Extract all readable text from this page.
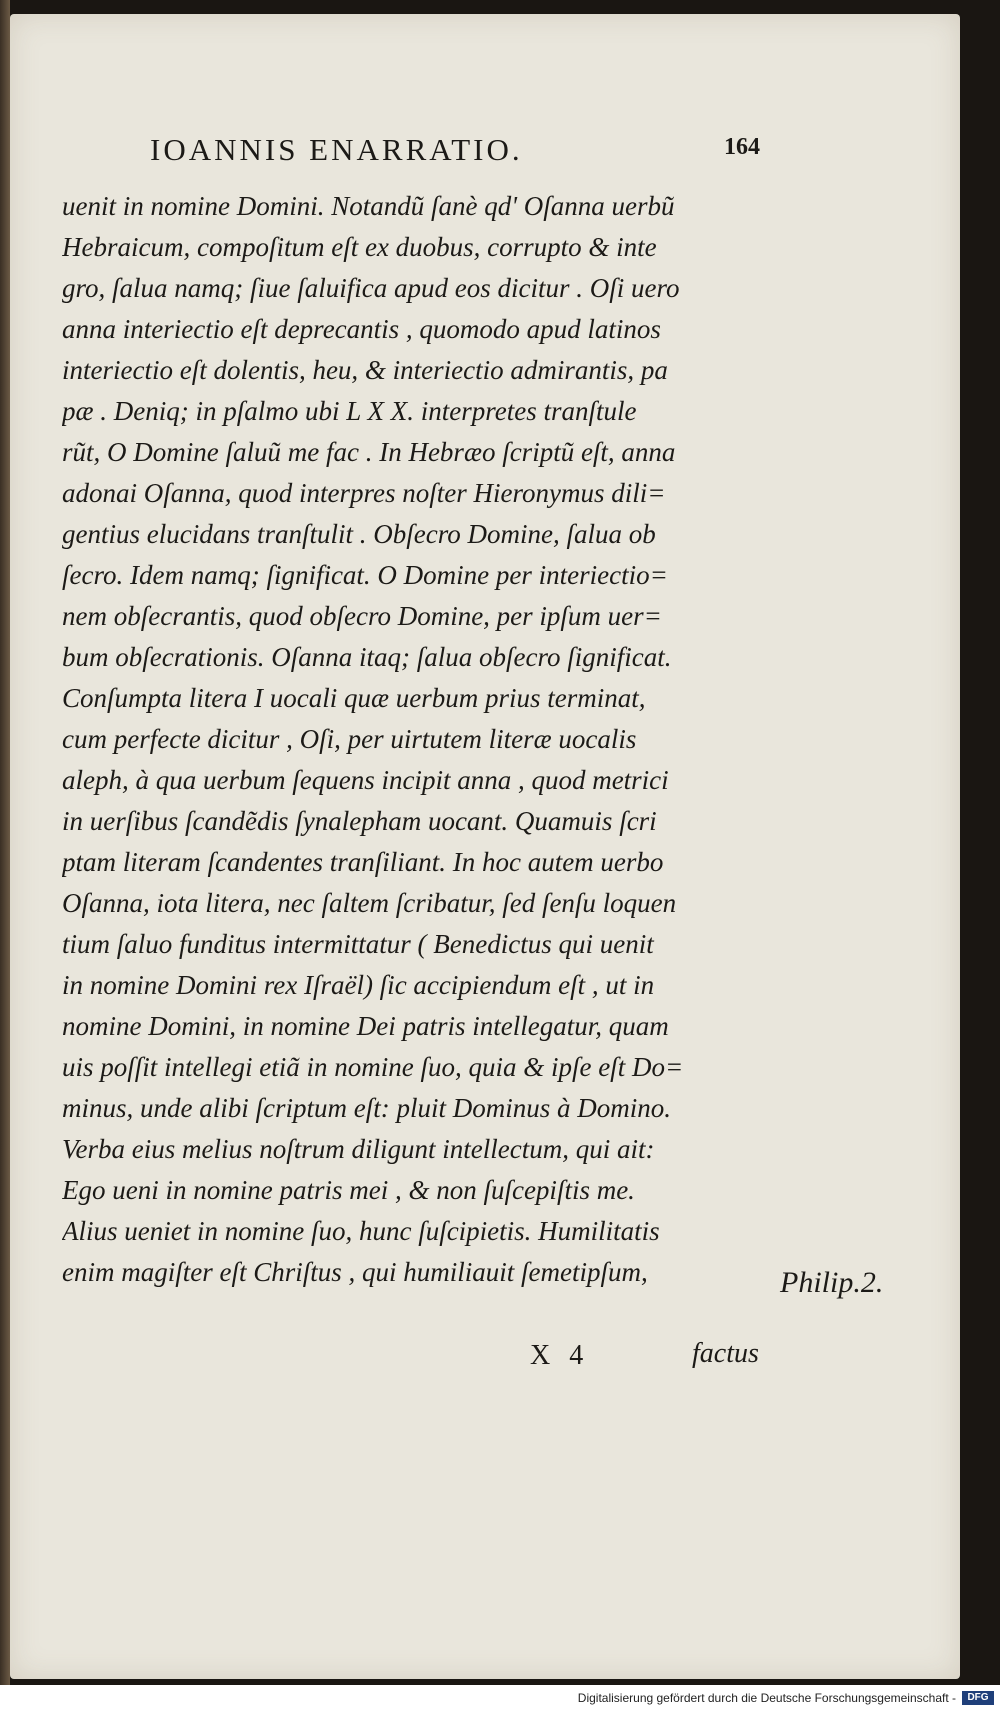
IOANNIS ENARRATIO.	164
uenit in nomine Domini. Notandũ ſanè qd' Oſanna uerbũ
Hebraicum, compoſitum eſt ex duobus, corrupto & inte
gro, ſalua namq; ſiue ſaluifica apud eos dicitur . Oſi uero
anna interiectio eſt deprecantis , quomodo apud latinos
interiectio eſt dolentis, heu, & interiectio admirantis, pa
pæ . Deniq; in pſalmo ubi L X X. interpretes tranſtule
rũt, O Domine ſaluũ me fac . In Hebræo ſcriptũ eſt, anna
adonai Oſanna, quod interpres noſter Hieronymus dili=
gentius elucidans tranſtulit . Obſecro Domine, ſalua ob
ſecro. Idem namq; ſignificat. O Domine per interiectio=
nem obſecrantis, quod obſecro Domine, per ipſum uer=
bum obſecrationis. Oſanna itaq; ſalua obſecro ſignificat.
Conſumpta litera I uocali quæ uerbum prius terminat,
cum perfecte dicitur , Oſi, per uirtutem literæ uocalis
aleph, à qua uerbum ſequens incipit anna , quod metrici
in uerſibus ſcandẽdis ſynalepham uocant. Quamuis ſcri
ptam literam ſcandentes tranſiliant. In hoc autem uerbo
Oſanna, iota litera, nec ſaltem ſcribatur, ſed ſenſu loquen
tium ſaluo funditus intermittatur ( Benedictus qui uenit
in nomine Domini rex Iſraël) ſic accipiendum eſt , ut in
nomine Domini, in nomine Dei patris intellegatur, quam
uis poſſit intellegi etiã in nomine ſuo, quia & ipſe eſt Do=
minus, unde alibi ſcriptum eſt: pluit Dominus à Domino.
Verba eius melius noſtrum diligunt intellectum, qui ait:
Ego ueni in nomine patris mei , & non ſuſcepiſtis me.
Alius ueniet in nomine ſuo, hunc ſuſcipietis. Humilitatis
enim magiſter eſt Chriſtus , qui humiliauit ſemetipſum,	Philip.2.
X 4	factus
Digitalisierung gefördert durch die Deutsche Forschungsgemeinschaft -	DFG
